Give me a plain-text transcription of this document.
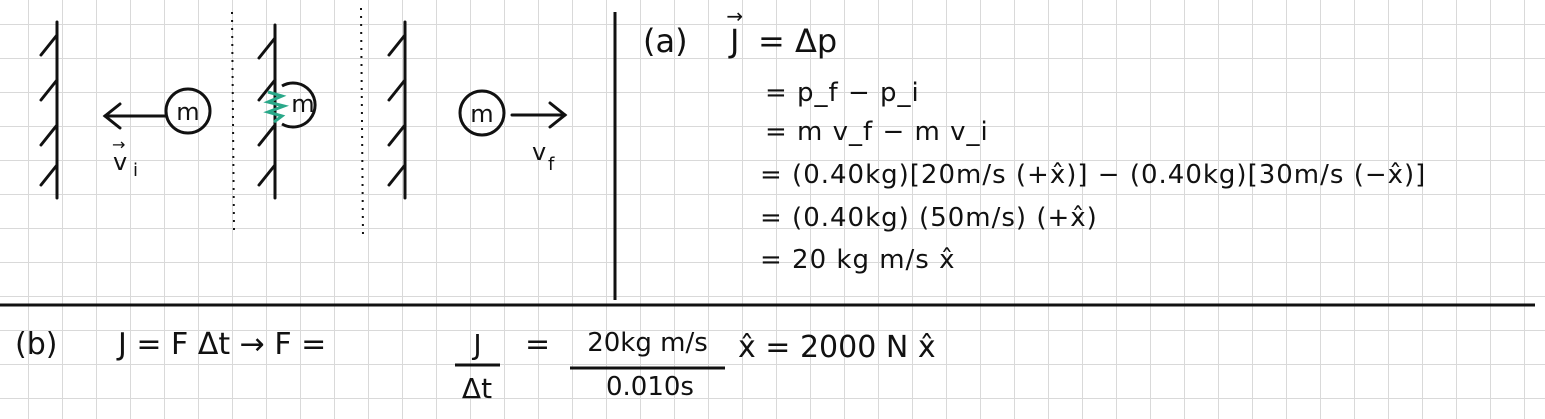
m
v i
→
m	m
v f
(a)
→ J = Δp
= p_f − p_i
= m v_f − m v_i
= (0.40kg)[20m/s (+x̂)] − (0.40kg)[30m/s (−x̂)]
= (0.40kg) (50m/s) (+x̂)
= 20 kg m/s x̂
(b) J = F Δt → F =	J
Δt
=	20kg m/s
0.010s
x̂ = 2000 N x̂
